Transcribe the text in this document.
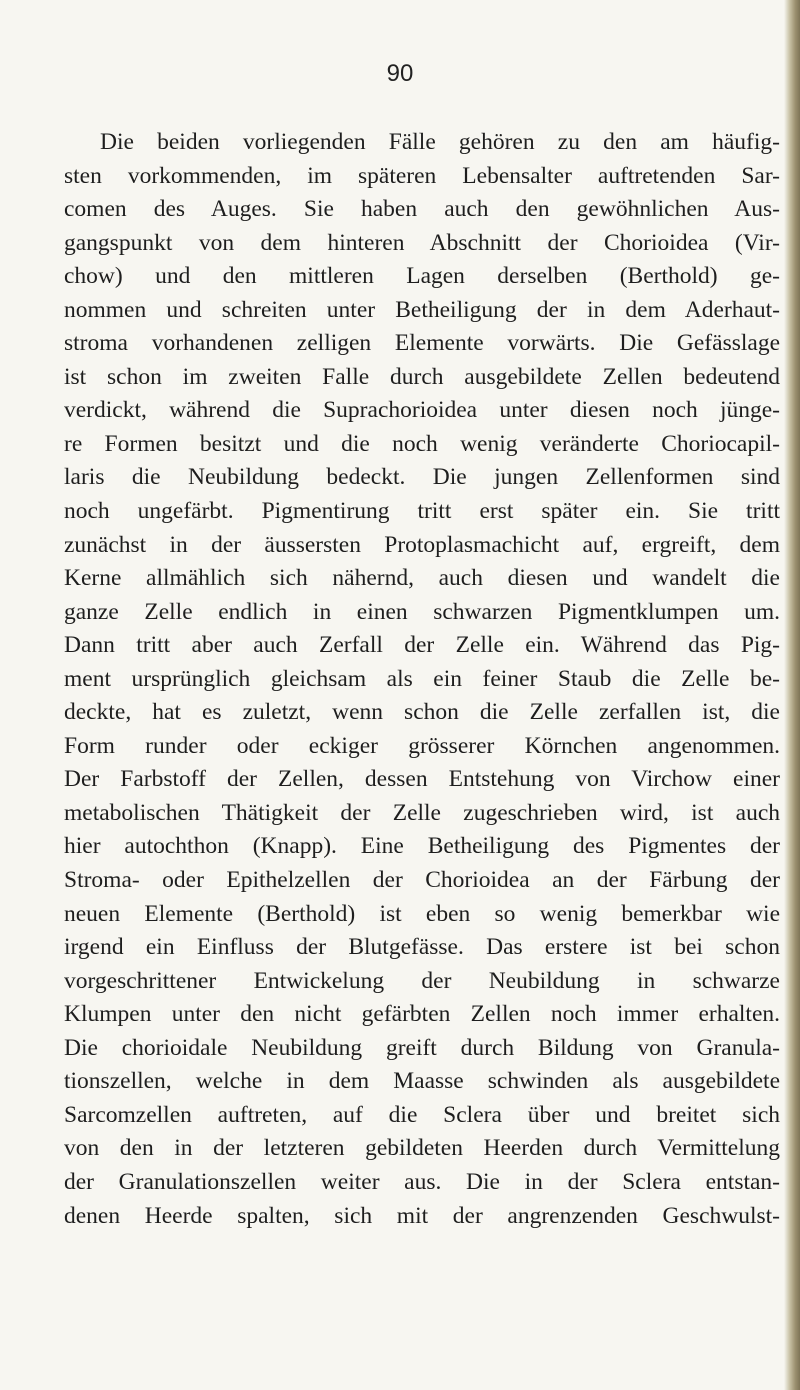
90
Die beiden vorliegenden Fälle gehören zu den am häufig-
sten vorkommenden, im späteren Lebensalter auftretenden Sar-
comen des Auges. Sie haben auch den gewöhnlichen Aus-
gangspunkt von dem hinteren Abschnitt der Chorioidea (Vir-
chow) und den mittleren Lagen derselben (Berthold) ge-
nommen und schreiten unter Betheiligung der in dem Aderhaut-
stroma vorhandenen zelligen Elemente vorwärts. Die Gefässlage
ist schon im zweiten Falle durch ausgebildete Zellen bedeutend
verdickt, während die Suprachorioidea unter diesen noch jünge-
re Formen besitzt und die noch wenig veränderte Choriocapil-
laris die Neubildung bedeckt. Die jungen Zellenformen sind
noch ungefärbt. Pigmentirung tritt erst später ein. Sie tritt
zunächst in der äussersten Protoplasmachicht auf, ergreift, dem
Kerne allmählich sich nähernd, auch diesen und wandelt die
ganze Zelle endlich in einen schwarzen Pigmentklumpen um.
Dann tritt aber auch Zerfall der Zelle ein. Während das Pig-
ment ursprünglich gleichsam als ein feiner Staub die Zelle be-
deckte, hat es zuletzt, wenn schon die Zelle zerfallen ist, die
Form runder oder eckiger grösserer Körnchen angenommen.
Der Farbstoff der Zellen, dessen Entstehung von Virchow einer
metabolischen Thätigkeit der Zelle zugeschrieben wird, ist auch
hier autochthon (Knapp). Eine Betheiligung des Pigmentes der
Stroma- oder Epithelzellen der Chorioidea an der Färbung der
neuen Elemente (Berthold) ist eben so wenig bemerkbar wie
irgend ein Einfluss der Blutgefässe. Das erstere ist bei schon
vorgeschrittener Entwickelung der Neubildung in schwarze
Klumpen unter den nicht gefärbten Zellen noch immer erhalten.
Die chorioidale Neubildung greift durch Bildung von Granula-
tionszellen, welche in dem Maasse schwinden als ausgebildete
Sarcomzellen auftreten, auf die Sclera über und breitet sich
von den in der letzteren gebildeten Heerden durch Vermittelung
der Granulationszellen weiter aus. Die in der Sclera entstan-
denen Heerde spalten, sich mit der angrenzenden Geschwulst-
